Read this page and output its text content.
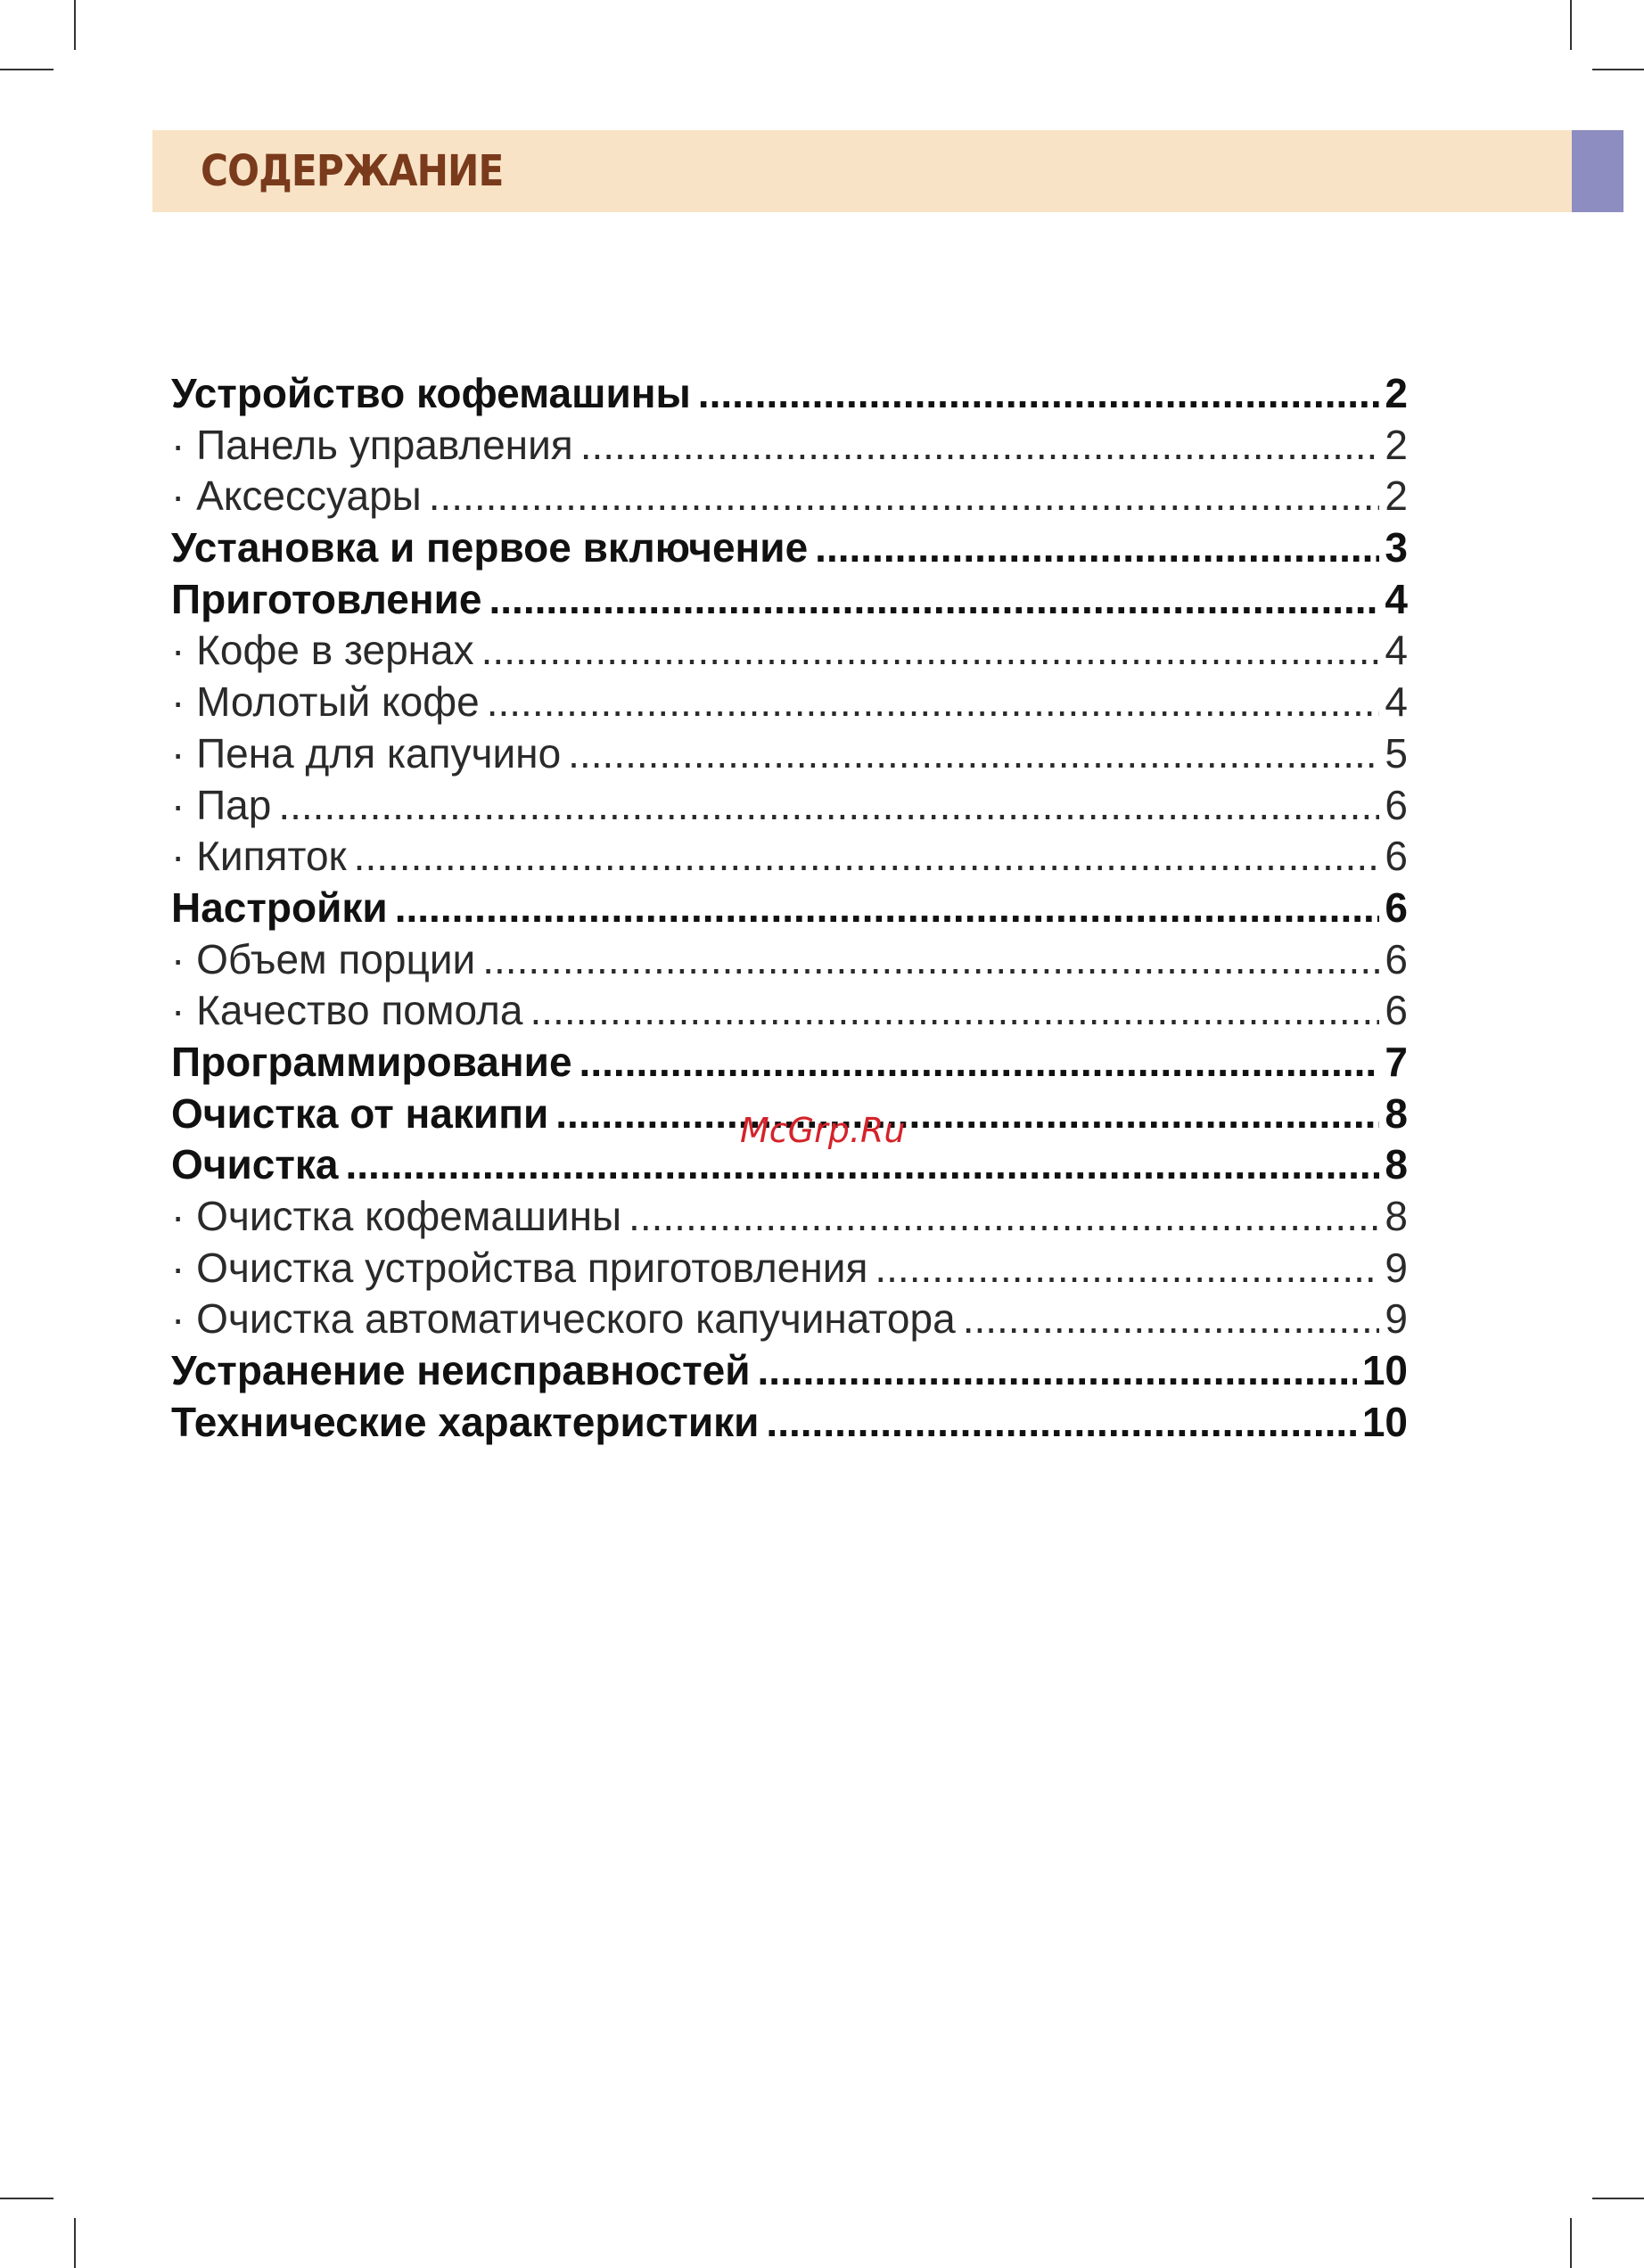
СОДЕРЖАНИЕ
Устройство кофемашины .....	2
· Панель управления .....	2
· Аксессуары .....	2
Установка и первое включение .....	3
Приготовление .....	4
· Кофе в зернах .....	4
· Молотый кофе .....	4
· Пена для капучино .....	5
· Пар .....	6
· Кипяток .....	6
Настройки .....	6
· Объем порции .....	6
· Качество помола .....	6
Программирование .....	7
Очистка от накипи .....	8
Очистка .....	8
· Очистка кофемашины .....	8
· Очистка устройства приготовления .....	9
· Очистка автоматического капучинатора .....	9
Устранение неисправностей .....	10
Технические характеристики .....	10
McGrp.Ru
